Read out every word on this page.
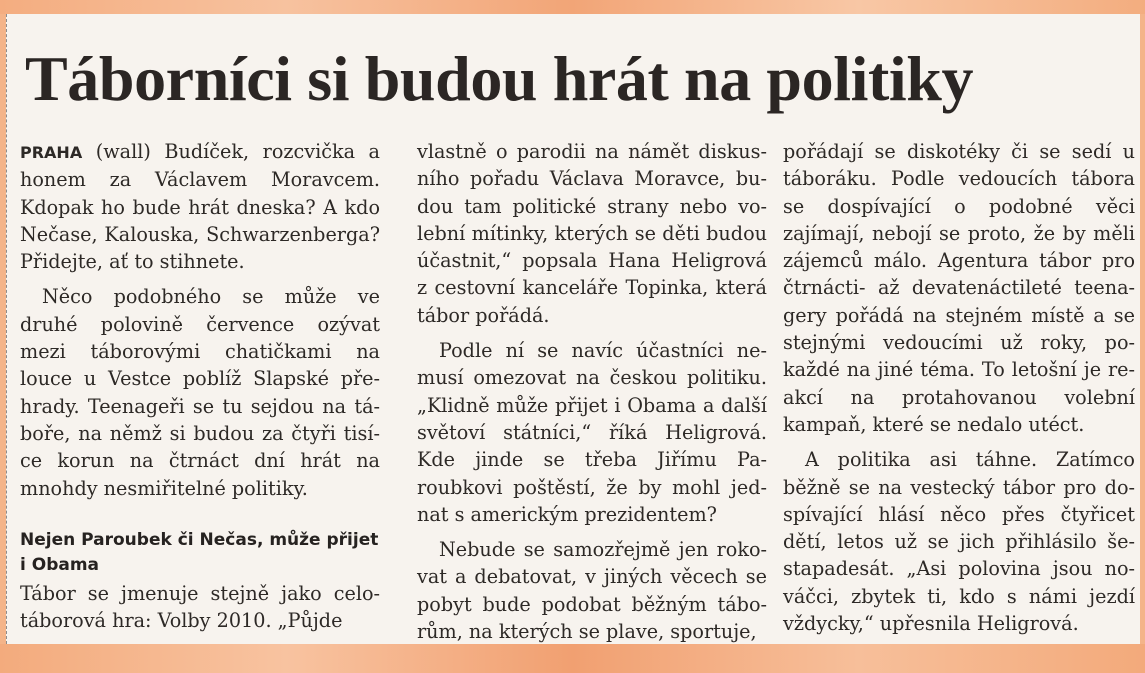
Táborníci si budou hrát na politiky

PRAHA (wall) Budíček, rozcvička a honem za Václavem Moravcem. Kdopak ho bude hrát dneska? A kdo Nečase, Kalouska, Schwarzenberga? Přidejte, ať to stihnete.

Něco podobného se může ve druhé polovině července ozývat mezi táborovými chatičkami na louce u Vestce poblíž Slapské přehrady. Teenageři se tu sejdou na táboře, na němž si budou za čtyři tisíce korun na čtrnáct dní hrát na mnohdy nesmiřitelné politiky.

Nejen Paroubek či Nečas, může přijet i Obama

Tábor se jmenuje stejně jako celotáborová hra: Volby 2010. „Půjde

vlastně o parodii na námět diskusního pořadu Václava Moravce, budou tam politické strany nebo volební mítinky, kterých se děti budou účastnit,“ popsala Hana Heligrová z cestovní kanceláře Topinka, která tábor pořádá.

Podle ní se navíc účastníci nemusí omezovat na českou politiku. „Klidně může přijet i Obama a další světoví státníci,“ říká Heligrová. Kde jinde se třeba Jiřímu Paroubkovi poštěstí, že by mohl jednat s americkým prezidentem?

Nebude se samozřejmě jen rokovat a debatovat, v jiných věcech se pobyt bude podobat běžným táborům, na kterých se plave, sportuje,

pořádají se diskotéky či se sedí u táboráku. Podle vedoucích tábora se dospívající o podobné věci zajímají, nebojí se proto, že by měli zájemců málo. Agentura tábor pro čtrnácti- až devatenáctileté teenagery pořádá na stejném místě a se stejnými vedoucími už roky, pokaždé na jiné téma. To letošní je reakcí na protahovanou volební kampaň, které se nedalo utéct.

A politika asi táhne. Zatímco běžně se na vestecký tábor pro dospívající hlásí něco přes čtyřicet dětí, letos už se jich přihlásilo šestapadesát. „Asi polovina jsou nováčci, zbytek ti, kdo s námi jezdí vždycky,“ upřesnila Heligrová.
